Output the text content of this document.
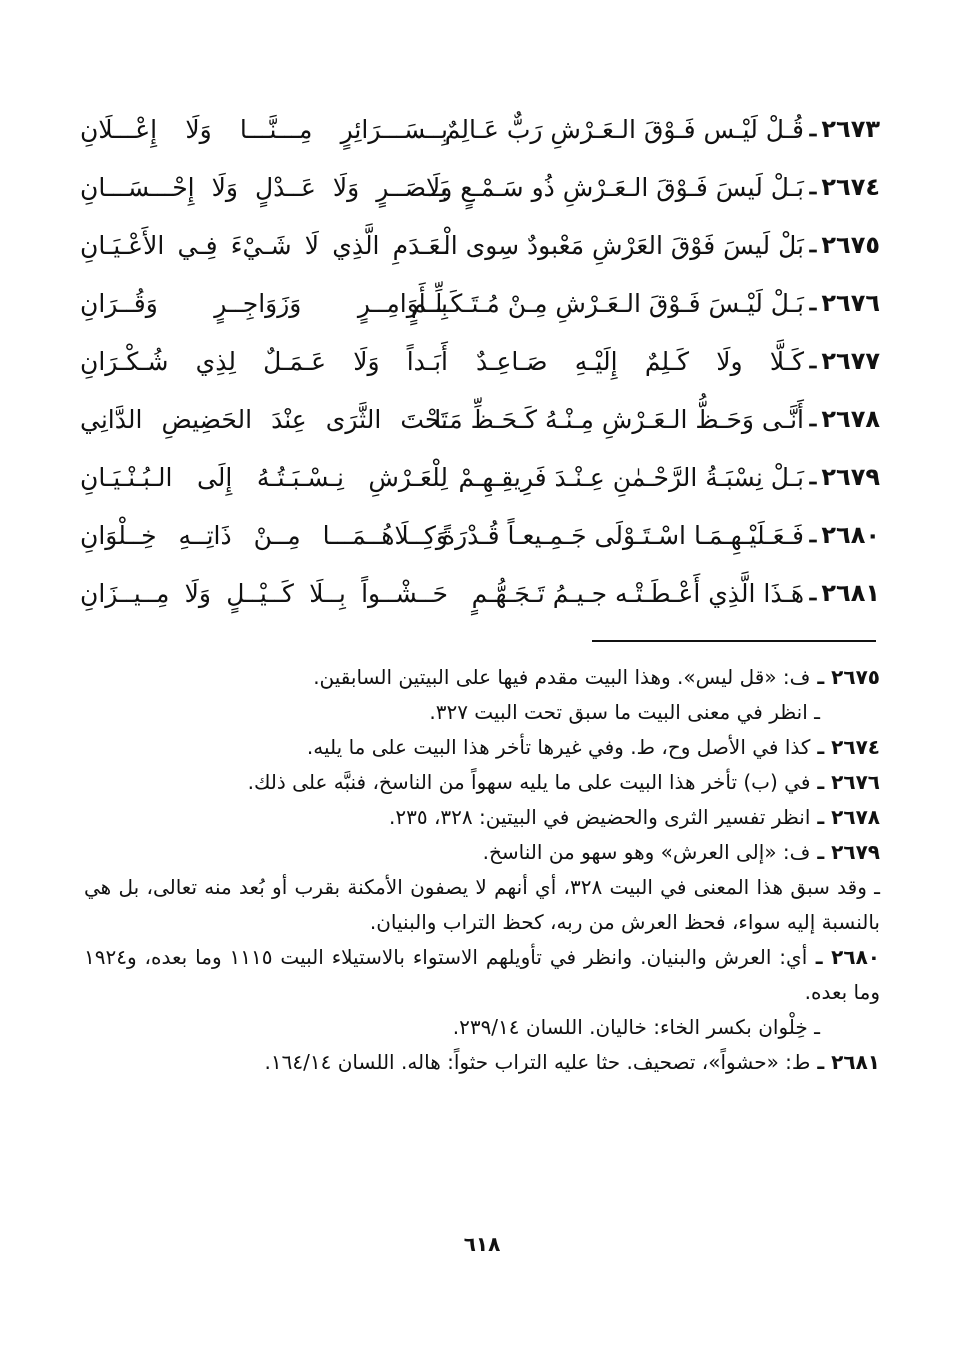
٢٦٧٣
ـ
قُـلْ لَيْـس فَـوْقَ الـعَـرْشِ رَبٌّ عَـالِمٌ
بِــسَـــرَائِرٍ مِـــنَّـــا وَلَا إِعْـــلَانِ
٢٦٧٤
ـ
بَـلْ لَيسَ فَـوْقَ الـعَـرْشِ ذُو سَـمْـعٍ ولَا
بَــصَــرٍ وَلَا عَــدْلٍ وَلَا إِحْـــسَـــانِ
٢٦٧٥
ـ
بَلْ لَيسَ فَوْقَ العَرْشِ مَعْبودٌ سِوى الْـ
ـعَـدَمِ الَّذِي لَا شَـيْءَ فِـي الأَعْـيَـانِ
٢٦٧٦
ـ
بَـلْ لَيْـسَ فَـوْقَ الـعَـرْشِ مِـنْ مُـتَـكَـلِّـمٍ
بِــأَوَامِــرٍ وَزَوَاجِــرٍ وَقُــرَانِ
٢٦٧٧
ـ
كَـلَّا ولَا كَـلِمٌ إِلَيْـهِ صَـاعِـدٌ
أَبَـداً وَلَا عَـمَـلٌ لِذِي شُـكْـرَانِ
٢٦٧٨
ـ
أَنَّـى وَحَـظُّ الـعَـرْشِ مِـنْـهُ كَـحَـظِّ مَـا
تَحْتَ الثَّرَى عِنْدَ الحَضِيضِ الدَّانِي
٢٦٧٩
ـ
بَـلْ نِسْبَـةُ الرَّحْـمٰنِ عِـنْـدَ فَرِيقِـهِـمْ
لِلْعَـرْشِ نِـسْـبَـتُـهُ إِلَى الـبُـنْـيَـانِ
٢٦٨٠
ـ
فَـعَـلَيْـهِـمَـا اسْـتَـوْلَى جَـمِـيعـاً قُـدْرَةً
وَكِــلَاهُــمَـــا مِــنْ ذَاتِــهِ خِــلْوَانِ
٢٦٨١
ـ
هَـذَا الَّذِي أَعْـطَـتْـه جـيـمُ تَـجَـهُّـمٍ
حَــشْــواً بِــلَا كَــيْــلٍ وَلَا مِــيــزَانِ

٢٦٧٥ ـ ف: «قل ليس». وهذا البيت مقدم فيها على البيتين السابقين.

ـ انظر في معنى البيت ما سبق تحت البيت ٣٢٧.

٢٦٧٤ ـ كذا في الأصل وح، ط. وفي غيرها تأخر هذا البيت على ما يليه.

٢٦٧٦ ـ في (ب) تأخر هذا البيت على ما يليه سهواً من الناسخ، فنبَّه على ذلك.

٢٦٧٨ ـ انظر تفسير الثرى والحضيض في البيتين: ٣٢٨، ٢٣٥.

٢٦٧٩ ـ ف: «إلى العرش» وهو سهو من الناسخ.

ـ وقد سبق هذا المعنى في البيت ٣٢٨، أي أنهم لا يصفون الأمكنة بقرب أو بُعد منه تعالى، بل هي بالنسبة إليه سواء، فحظ العرش من ربه، كحظ التراب والبنيان.

٢٦٨٠ ـ أي: العرش والبنيان. وانظر في تأويلهم الاستواء بالاستيلاء البيت ١١١٥ وما بعده، و١٩٢٤ وما بعده.

ـ خِلْوان بكسر الخاء: خاليان. اللسان ٢٣٩/١٤.

٢٦٨١ ـ ط: «حشواً»، تصحيف. حثا عليه التراب حثواً: هاله. اللسان ١٦٤/١٤.

٦١٨
